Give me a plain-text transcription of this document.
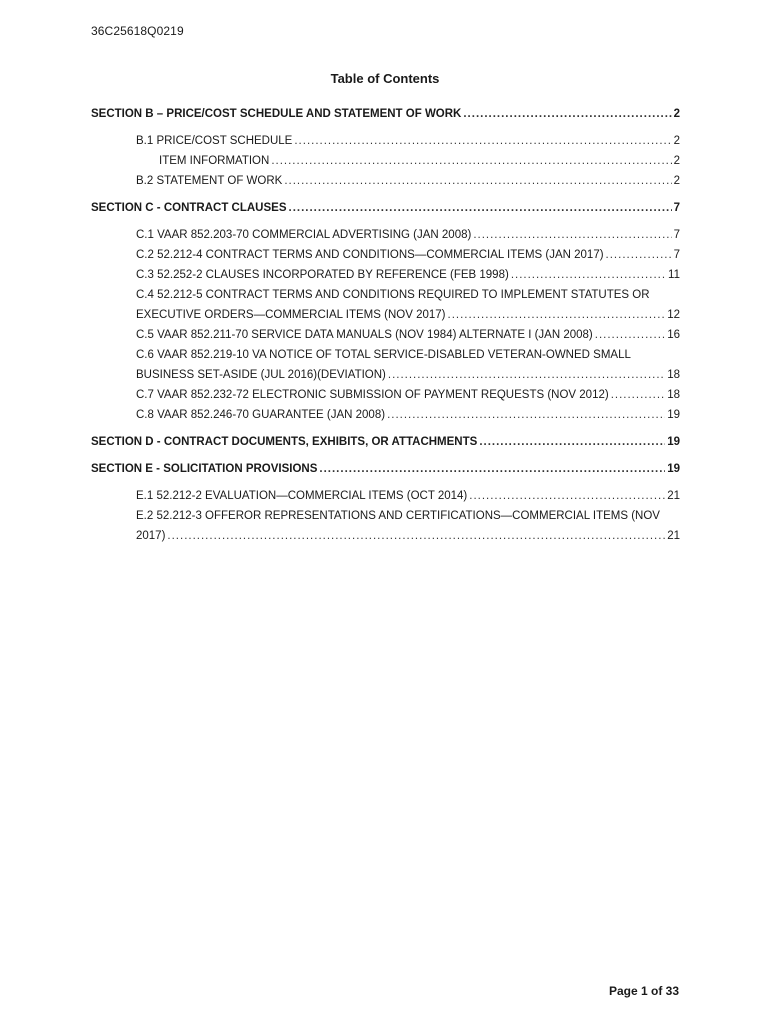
36C25618Q0219
Table of Contents
SECTION B – PRICE/COST SCHEDULE AND STATEMENT OF WORK .....	2
B.1 PRICE/COST SCHEDULE .....	2
ITEM INFORMATION .....	2
B.2 STATEMENT OF WORK .....	2
SECTION C - CONTRACT CLAUSES .....	7
C.1 VAAR 852.203-70 COMMERCIAL ADVERTISING (JAN 2008) .....	7
C.2 52.212-4 CONTRACT TERMS AND CONDITIONS—COMMERCIAL ITEMS (JAN 2017) .....	7
C.3 52.252-2 CLAUSES INCORPORATED BY REFERENCE (FEB 1998) .....	11
C.4 52.212-5 CONTRACT TERMS AND CONDITIONS REQUIRED TO IMPLEMENT STATUTES OR
EXECUTIVE ORDERS—COMMERCIAL ITEMS (NOV 2017) .....	12
C.5 VAAR 852.211-70 SERVICE DATA MANUALS (NOV 1984) ALTERNATE I (JAN 2008) .....	16
C.6 VAAR 852.219-10 VA NOTICE OF TOTAL SERVICE-DISABLED VETERAN-OWNED SMALL
BUSINESS SET-ASIDE (JUL 2016)(DEVIATION) .....	18
C.7 VAAR 852.232-72 ELECTRONIC SUBMISSION OF PAYMENT REQUESTS (NOV 2012) .....	18
C.8 VAAR 852.246-70 GUARANTEE (JAN 2008) .....	19
SECTION D - CONTRACT DOCUMENTS, EXHIBITS, OR ATTACHMENTS .....	19
SECTION E - SOLICITATION PROVISIONS .....	19
E.1 52.212-2 EVALUATION—COMMERCIAL ITEMS (OCT 2014) .....	21
E.2 52.212-3 OFFEROR REPRESENTATIONS AND CERTIFICATIONS—COMMERCIAL ITEMS (NOV
2017) .....	21
Page 1 of 33
